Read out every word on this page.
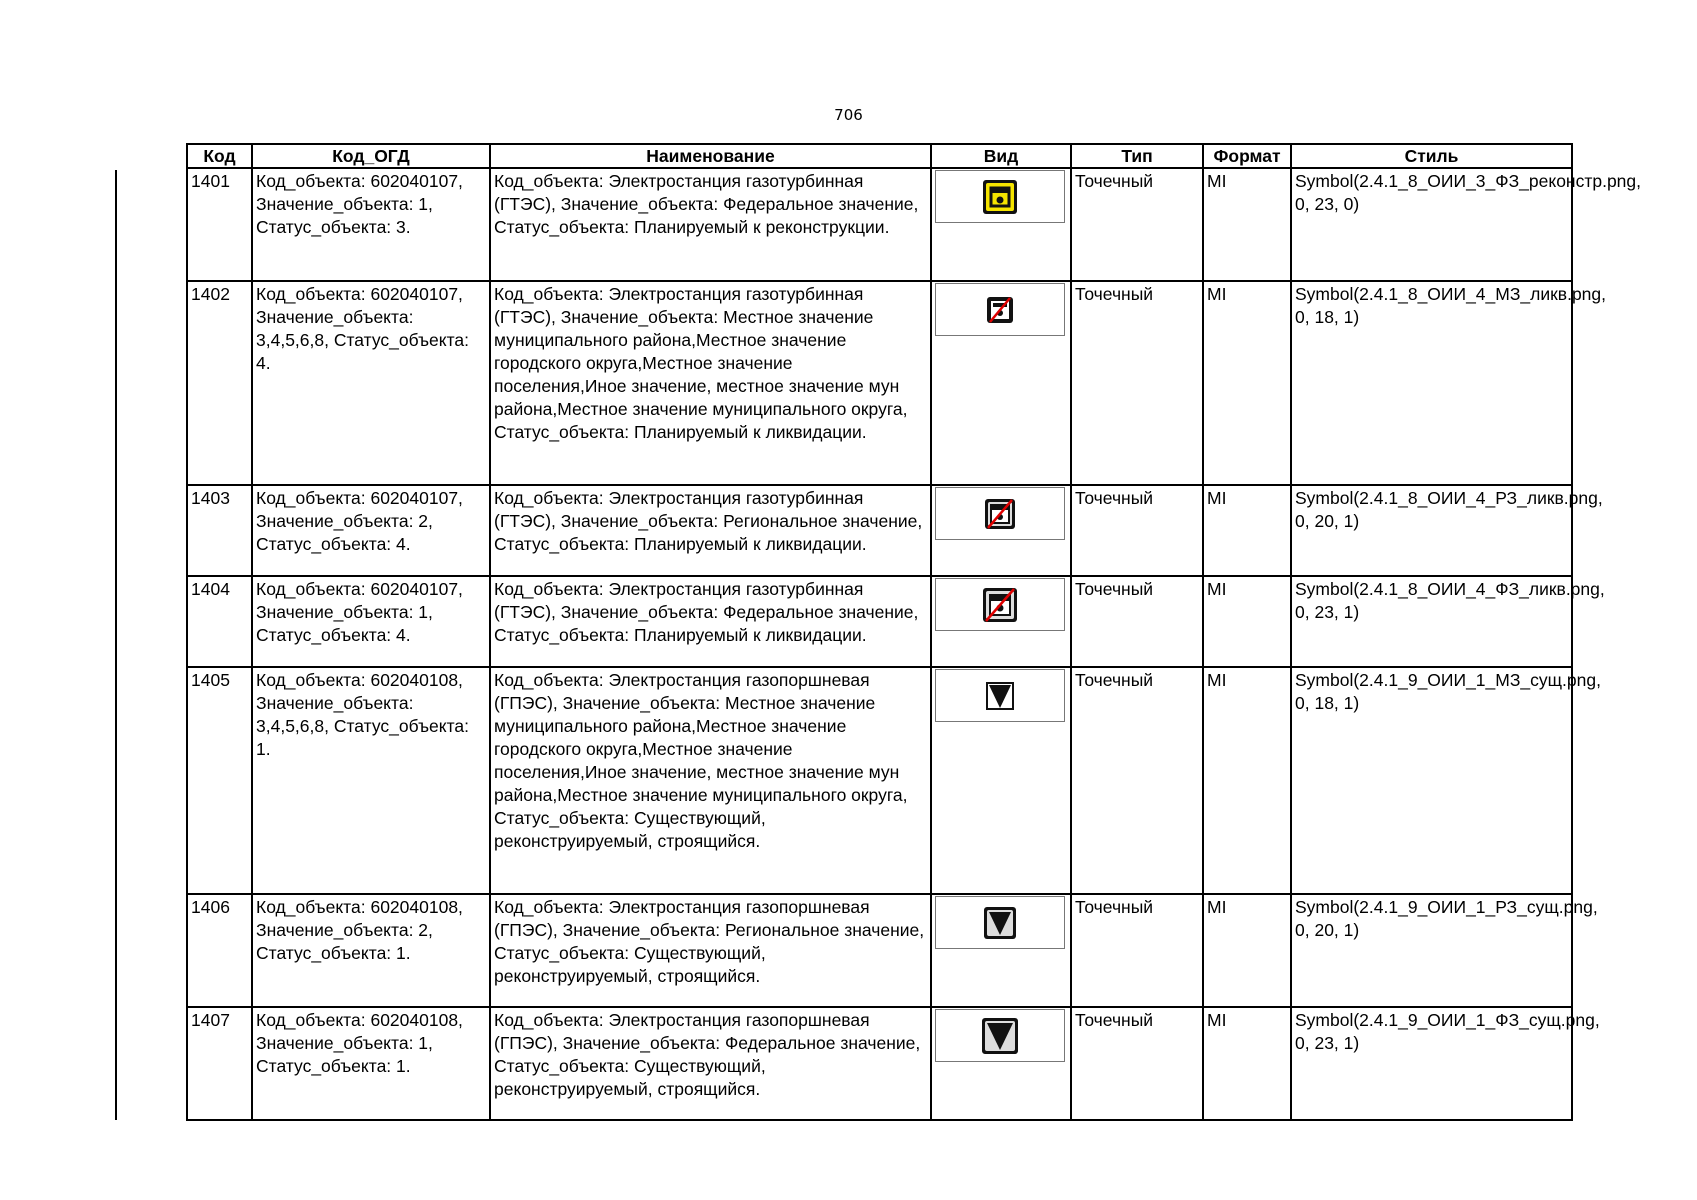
706
Код	Код_ОГД	Наименование	Вид	Тип	Формат	Стиль
1401	Код_объекта: 602040107, Значение_объекта: 1, Статус_объекта: 3.	Код_объекта: Электростанция газотурбинная (ГТЭС), Значение_объекта: Федеральное значение, Статус_объекта: Планируемый к реконструкции.		Точечный	MI	Symbol(2.4.1_8_ОИИ_3_ФЗ_реконстр.png, 0, 23, 0)
1402	Код_объекта: 602040107, Значение_объекта: 3,4,5,6,8, Статус_объекта: 4.	Код_объекта: Электростанция газотурбинная (ГТЭС), Значение_объекта: Местное значение муниципального района,Местное значение городского округа,Местное значение поселения,Иное значение, местное значение мун района,Местное значение муниципального округа, Статус_объекта: Планируемый к ликвидации.		Точечный	MI	Symbol(2.4.1_8_ОИИ_4_МЗ_ликв.png, 0, 18, 1)
1403	Код_объекта: 602040107, Значение_объекта: 2, Статус_объекта: 4.	Код_объекта: Электростанция газотурбинная (ГТЭС), Значение_объекта: Региональное значение, Статус_объекта: Планируемый к ликвидации.		Точечный	MI	Symbol(2.4.1_8_ОИИ_4_РЗ_ликв.png, 0, 20, 1)
1404	Код_объекта: 602040107, Значение_объекта: 1, Статус_объекта: 4.	Код_объекта: Электростанция газотурбинная (ГТЭС), Значение_объекта: Федеральное значение, Статус_объекта: Планируемый к ликвидации.		Точечный	MI	Symbol(2.4.1_8_ОИИ_4_ФЗ_ликв.png, 0, 23, 1)
1405	Код_объекта: 602040108, Значение_объекта: 3,4,5,6,8, Статус_объекта: 1.	Код_объекта: Электростанция газопоршневая (ГПЭС), Значение_объекта: Местное значение муниципального района,Местное значение городского округа,Местное значение поселения,Иное значение, местное значение мун района,Местное значение муниципального округа, Статус_объекта: Существующий, реконструируемый, строящийся.		Точечный	MI	Symbol(2.4.1_9_ОИИ_1_МЗ_сущ.png, 0, 18, 1)
1406	Код_объекта: 602040108, Значение_объекта: 2, Статус_объекта: 1.	Код_объекта: Электростанция газопоршневая (ГПЭС), Значение_объекта: Региональное значение, Статус_объекта: Существующий, реконструируемый, строящийся.		Точечный	MI	Symbol(2.4.1_9_ОИИ_1_РЗ_сущ.png, 0, 20, 1)
1407	Код_объекта: 602040108, Значение_объекта: 1, Статус_объекта: 1.	Код_объекта: Электростанция газопоршневая (ГПЭС), Значение_объекта: Федеральное значение, Статус_объекта: Существующий, реконструируемый, строящийся.		Точечный	MI	Symbol(2.4.1_9_ОИИ_1_ФЗ_сущ.png, 0, 23, 1)
